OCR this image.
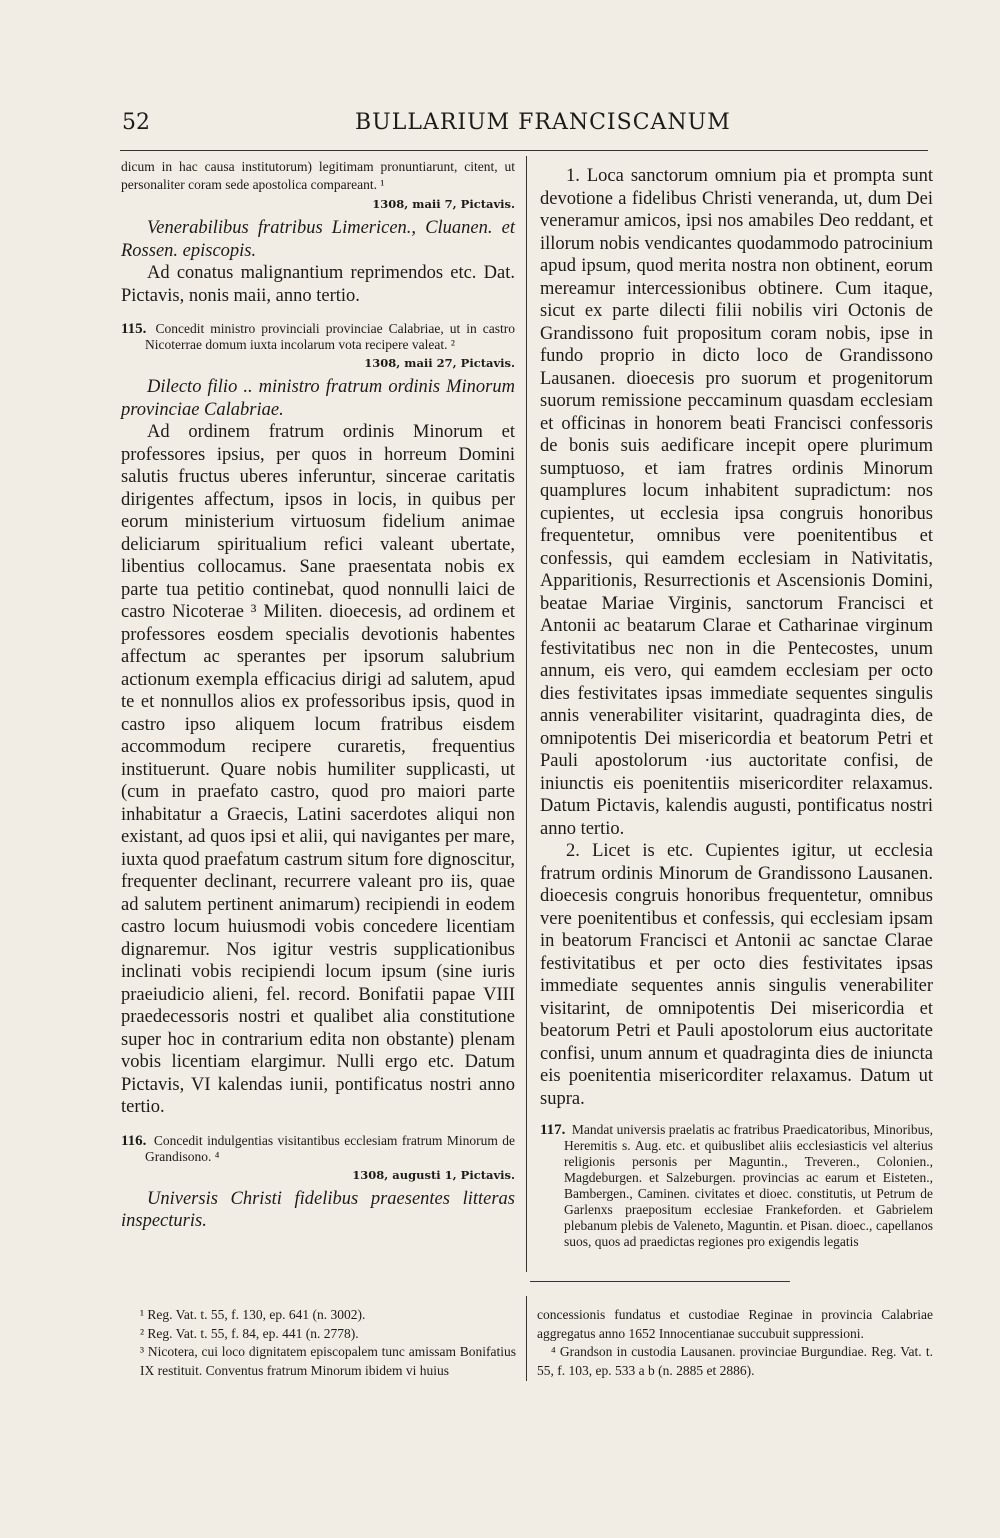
52	BULLARIUM FRANCISCANUM
dicum in hac causa institutorum) legitimam pronuntiarunt, citent, ut personaliter coram sede apostolica compareant. ¹
1308, maii 7, Pictavis.
Venerabilibus fratribus Limericen., Cluanen. et Rossen. episcopis.
Ad conatus malignantium reprimendos etc. Dat. Pictavis, nonis maii, anno tertio.
115. Concedit ministro provinciali provinciae Calabriae, ut in castro Nicoterrae domum iuxta incolarum vota recipere valeat. ²
1308, maii 27, Pictavis.
Dilecto filio .. ministro fratrum ordinis Minorum provinciae Calabriae.
Ad ordinem fratrum ordinis Minorum et professores ipsius, per quos in horreum Domini salutis fructus uberes inferuntur, sincerae caritatis dirigentes affectum, ipsos in locis, in quibus per eorum ministerium virtuosum fidelium animae deliciarum spiritualium refici valeant ubertate, libentius collocamus. Sane praesentata nobis ex parte tua petitio continebat, quod nonnulli laici de castro Nicoterae ³ Militen. dioecesis, ad ordinem et professores eosdem specialis devotionis habentes affectum ac sperantes per ipsorum salubrium actionum exempla efficacius dirigi ad salutem, apud te et nonnullos alios ex professoribus ipsis, quod in castro ipso aliquem locum fratribus eisdem accommodum recipere curaretis, frequentius instituerunt. Quare nobis humiliter supplicasti, ut (cum in praefato castro, quod pro maiori parte inhabitatur a Graecis, Latini sacerdotes aliqui non existant, ad quos ipsi et alii, qui navigantes per mare, iuxta quod praefatum castrum situm fore dignoscitur, frequenter declinant, recurrere valeant pro iis, quae ad salutem pertinent animarum) recipiendi in eodem castro locum huiusmodi vobis concedere licentiam dignaremur. Nos igitur vestris supplicationibus inclinati vobis recipiendi locum ipsum (sine iuris praeiudicio alieni, fel. record. Bonifatii papae VIII praedecessoris nostri et qualibet alia constitutione super hoc in contrarium edita non obstante) plenam vobis licentiam elargimur. Nulli ergo etc. Datum Pictavis, VI kalendas iunii, pontificatus nostri anno tertio.
116. Concedit indulgentias visitantibus ecclesiam fratrum Minorum de Grandisono. ⁴
1308, augusti 1, Pictavis.
Universis Christi fidelibus praesentes litteras inspecturis.
1. Loca sanctorum omnium pia et prompta sunt devotione a fidelibus Christi veneranda, ut, dum Dei veneramur amicos, ipsi nos amabiles Deo reddant, et illorum nobis vendicantes quodammodo patrocinium apud ipsum, quod merita nostra non obtinent, eorum mereamur intercessionibus obtinere. Cum itaque, sicut ex parte dilecti filii nobilis viri Octonis de Grandissono fuit propositum coram nobis, ipse in fundo proprio in dicto loco de Grandissono Lausanen. dioecesis pro suorum et progenitorum suorum remissione peccaminum quasdam ecclesiam et officinas in honorem beati Francisci confessoris de bonis suis aedificare incepit opere plurimum sumptuoso, et iam fratres ordinis Minorum quamplures locum inhabitent supradictum: nos cupientes, ut ecclesia ipsa congruis honoribus frequentetur, omnibus vere poenitentibus et confessis, qui eamdem ecclesiam in Nativitatis, Apparitionis, Resurrectionis et Ascensionis Domini, beatae Mariae Virginis, sanctorum Francisci et Antonii ac beatarum Clarae et Catharinae virginum festivitatibus nec non in die Pentecostes, unum annum, eis vero, qui eamdem ecclesiam per octo dies festivitates ipsas immediate sequentes singulis annis venerabiliter visitarint, quadraginta dies, de omnipotentis Dei misericordia et beatorum Petri et Pauli apostolorum ·ius auctoritate confisi, de iniunctis eis poenitentiis misericorditer relaxamus. Datum Pictavis, kalendis augusti, pontificatus nostri anno tertio.
2. Licet is etc. Cupientes igitur, ut ecclesia fratrum ordinis Minorum de Grandissono Lausanen. dioecesis congruis honoribus frequentetur, omnibus vere poenitentibus et confessis, qui ecclesiam ipsam in beatorum Francisci et Antonii ac sanctae Clarae festivitatibus et per octo dies festivitates ipsas immediate sequentes annis singulis venerabiliter visitarint, de omnipotentis Dei misericordia et beatorum Petri et Pauli apostolorum eius auctoritate confisi, unum annum et quadraginta dies de iniuncta eis poenitentia misericorditer relaxamus. Datum ut supra.
117. Mandat universis praelatis ac fratribus Praedicatoribus, Minoribus, Heremitis s. Aug. etc. et quibuslibet aliis ecclesiasticis vel alterius religionis personis per Maguntin., Treveren., Colonien., Magdeburgen. et Salzeburgen. provincias ac earum et Eisteten., Bambergen., Caminen. civitates et dioec. constitutis, ut Petrum de Garlenxs praepositum ecclesiae Frankeforden. et Gabrielem plebanum plebis de Valeneto, Maguntin. et Pisan. dioec., capellanos suos, quos ad praedictas regiones pro exigendis legatis

¹ Reg. Vat. t. 55, f. 130, ep. 641 (n. 3002).

² Reg. Vat. t. 55, f. 84, ep. 441 (n. 2778).

³ Nicotera, cui loco dignitatem episcopalem tunc amissam Bonifatius IX restituit. Conventus fratrum Minorum ibidem vi huius

concessionis fundatus et custodiae Reginae in provincia Calabriae aggregatus anno 1652 Innocentianae succubuit suppressioni.

⁴ Grandson in custodia Lausanen. provinciae Burgundiae. Reg. Vat. t. 55, f. 103, ep. 533 a b (n. 2885 et 2886).
